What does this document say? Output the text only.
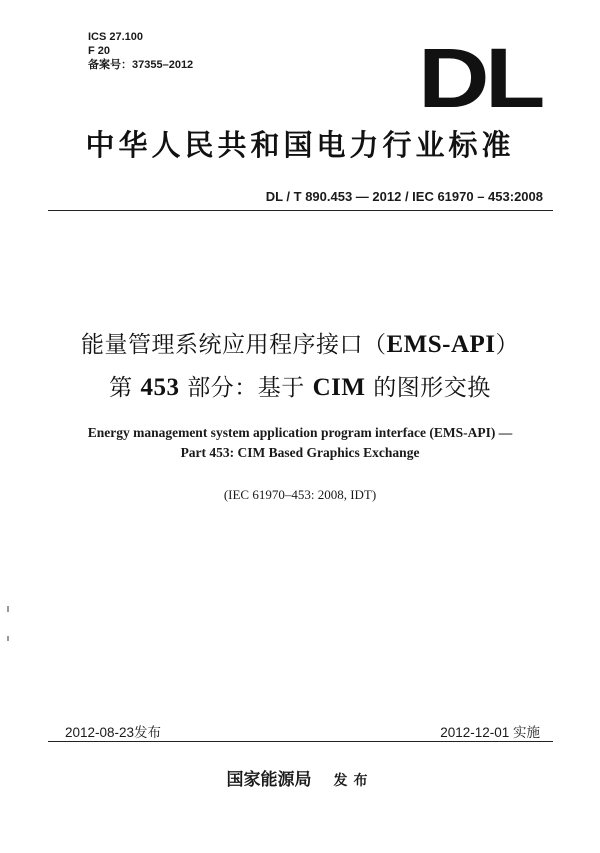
ICS 27.100
F 20
备案号：37355–2012	DL
中华人民共和国电力行业标准
DL / T 890.453 — 2012 / IEC 61970 – 453:2008
能量管理系统应用程序接口（EMS-API）
第 453 部分：基于 CIM 的图形交换
Energy management system application program interface (EMS-API) —
Part 453: CIM Based Graphics Exchange
(IEC 61970–453: 2008, IDT)
2012-08-23发布	2012-12-01 实施
国家能源局 发布
